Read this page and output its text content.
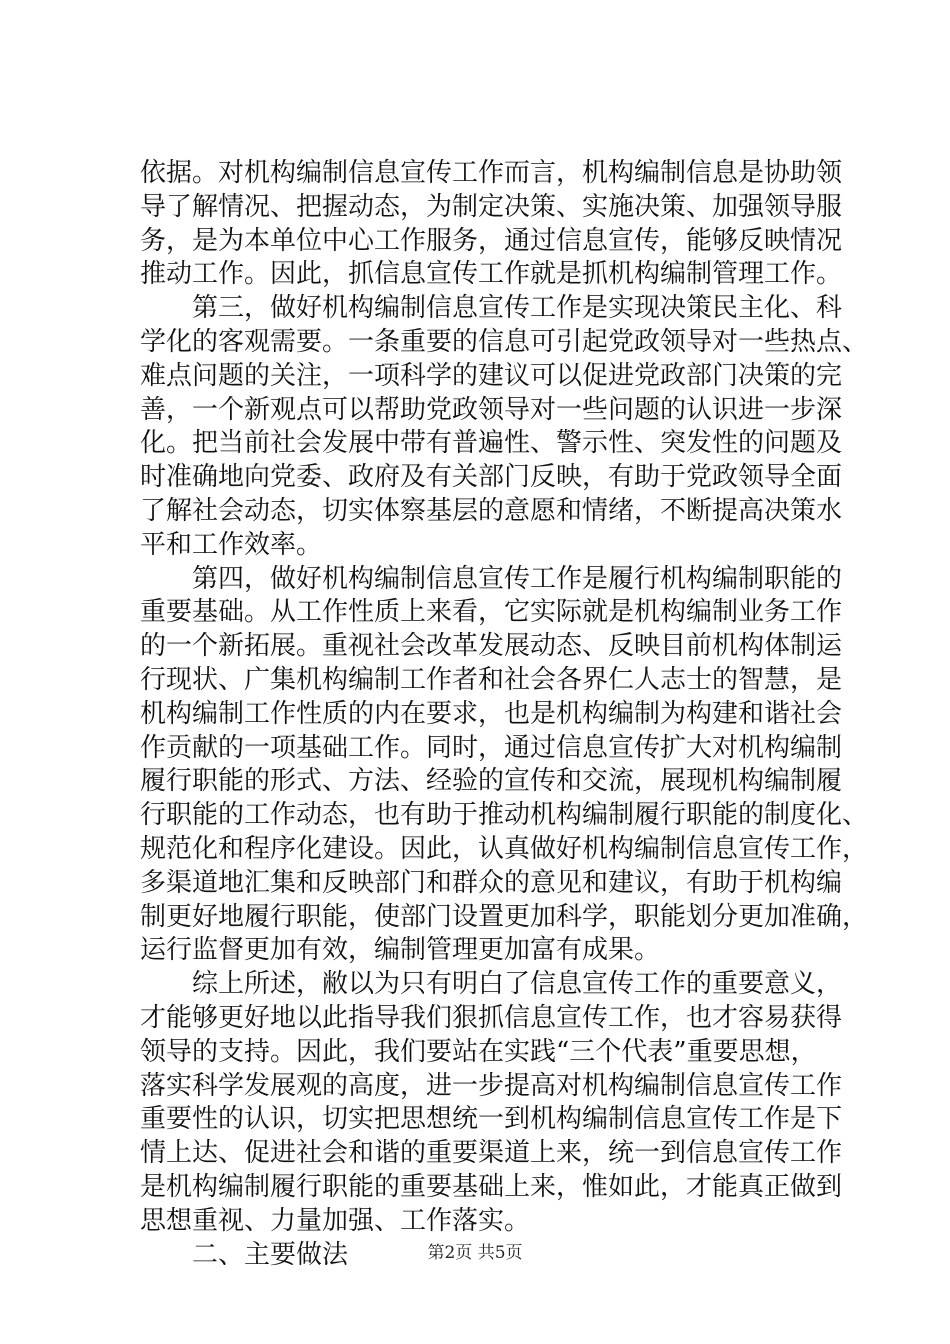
依据。对机构编制信息宣传工作而言，机构编制信息是协助领
导了解情况、把握动态，为制定决策、实施决策、加强领导服
务，是为本单位中心工作服务，通过信息宣传，能够反映情况
推动工作。因此，抓信息宣传工作就是抓机构编制管理工作。
　　第三，做好机构编制信息宣传工作是实现决策民主化、科
学化的客观需要。一条重要的信息可引起党政领导对一些热点、
难点问题的关注，一项科学的建议可以促进党政部门决策的完
善，一个新观点可以帮助党政领导对一些问题的认识进一步深
化。把当前社会发展中带有普遍性、警示性、突发性的问题及
时准确地向党委、政府及有关部门反映，有助于党政领导全面
了解社会动态，切实体察基层的意愿和情绪，不断提高决策水
平和工作效率。
　　第四，做好机构编制信息宣传工作是履行机构编制职能的
重要基础。从工作性质上来看，它实际就是机构编制业务工作
的一个新拓展。重视社会改革发展动态、反映目前机构体制运
行现状、广集机构编制工作者和社会各界仁人志士的智慧，是
机构编制工作性质的内在要求，也是机构编制为构建和谐社会
作贡献的一项基础工作。同时，通过信息宣传扩大对机构编制
履行职能的形式、方法、经验的宣传和交流，展现机构编制履
行职能的工作动态，也有助于推动机构编制履行职能的制度化、
规范化和程序化建设。因此，认真做好机构编制信息宣传工作，
多渠道地汇集和反映部门和群众的意见和建议，有助于机构编
制更好地履行职能，使部门设置更加科学，职能划分更加准确，
运行监督更加有效，编制管理更加富有成果。
　　综上所述，敝以为只有明白了信息宣传工作的重要意义，
才能够更好地以此指导我们狠抓信息宣传工作，也才容易获得
领导的支持。因此，我们要站在实践“三个代表”重要思想，
落实科学发展观的高度，进一步提高对机构编制信息宣传工作
重要性的认识，切实把思想统一到机构编制信息宣传工作是下
情上达、促进社会和谐的重要渠道上来，统一到信息宣传工作
是机构编制履行职能的重要基础上来，惟如此，才能真正做到
思想重视、力量加强、工作落实。
　　二、主要做法	第2页 共5页
